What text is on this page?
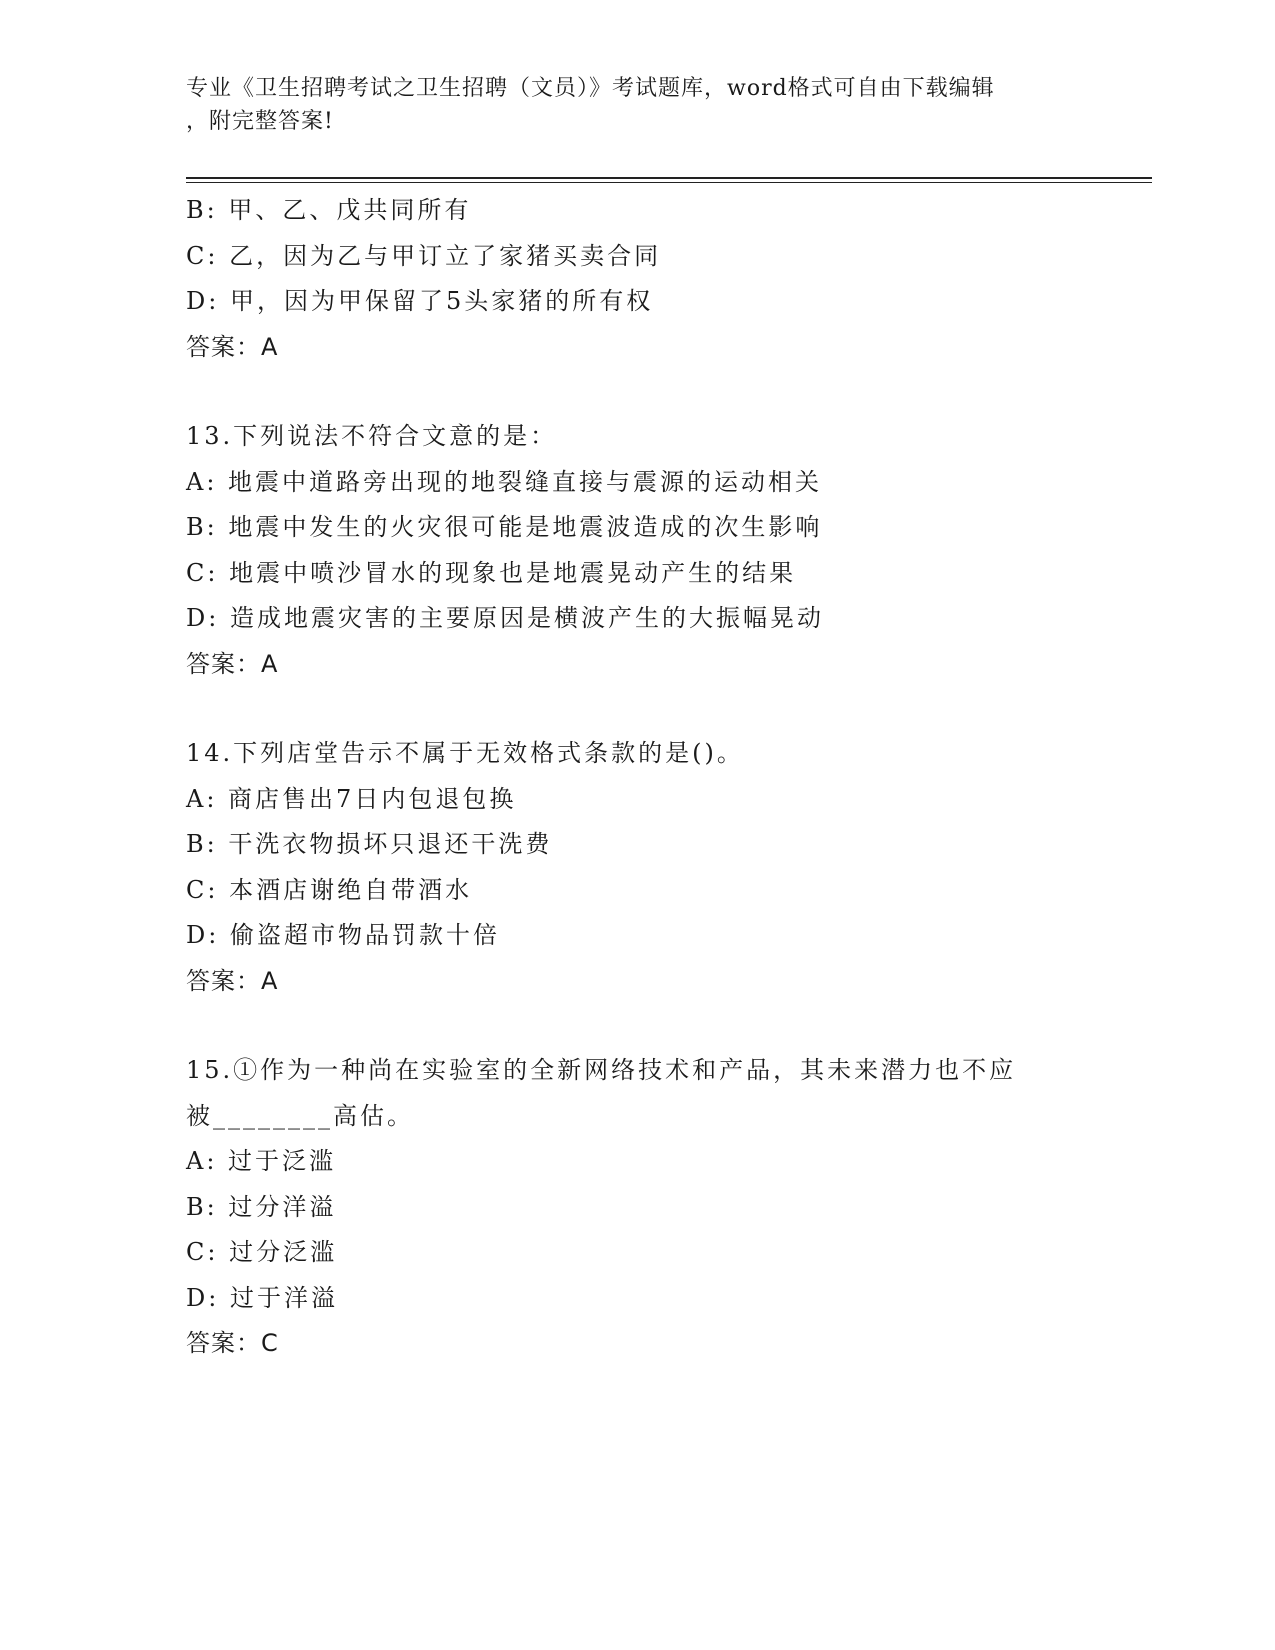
专业《卫生招聘考试之卫生招聘（文员）》考试题库，word格式可自由下载编辑
，附完整答案!
B: 甲、乙、戊共同所有
C: 乙，因为乙与甲订立了家猪买卖合同
D: 甲，因为甲保留了5头家猪的所有权
答案：A
13.下列说法不符合文意的是：
A: 地震中道路旁出现的地裂缝直接与震源的运动相关
B: 地震中发生的火灾很可能是地震波造成的次生影响
C: 地震中喷沙冒水的现象也是地震晃动产生的结果
D: 造成地震灾害的主要原因是横波产生的大振幅晃动
答案：A
14.下列店堂告示不属于无效格式条款的是()。
A: 商店售出7日内包退包换
B: 干洗衣物损坏只退还干洗费
C: 本酒店谢绝自带酒水
D: 偷盗超市物品罚款十倍
答案：A
15.①作为一种尚在实验室的全新网络技术和产品，其未来潜力也不应
被________高估。
A: 过于泛滥
B: 过分洋溢
C: 过分泛滥
D: 过于洋溢
答案：C
